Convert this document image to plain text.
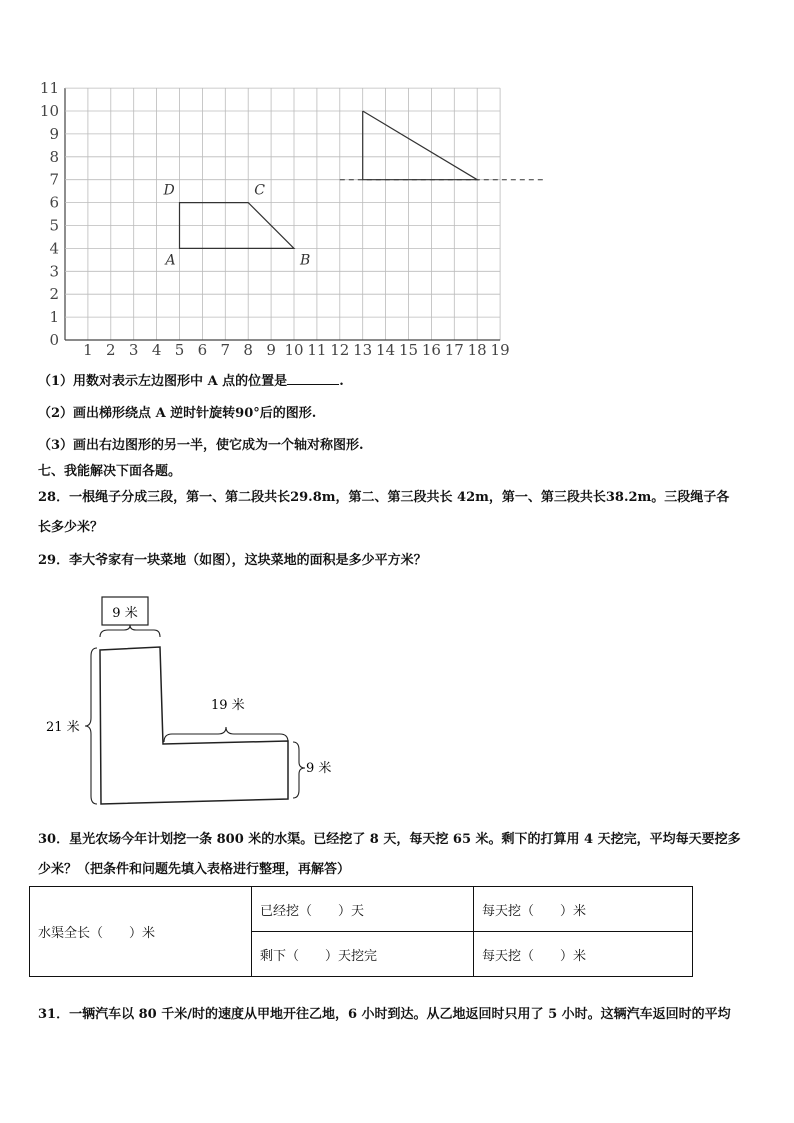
1 2 3 4 5 6 7 8 9 10 11 12 13 14 15 16 17 18 19
0
1
2
3
4
5
6
7
8
9
10
11
A	B
C
D
（1）用数对表示左边图形中 A 点的位置是	.
（2）画出梯形绕点 A 逆时针旋转90°后的图形.
（3）画出右边图形的另一半，使它成为一个轴对称图形.
七、我能解决下面各题。
28．一根绳子分成三段，第一、第二段共长29.8m，第二、第三段共长 42m，第一、第三段共长38.2m。三段绳子各
长多少米？
29．李大爷家有一块菜地（如图），这块菜地的面积是多少平方米？
9 米
21 米
19 米
9 米
30．星光农场今年计划挖一条 800 米的水渠。已经挖了 8 天，每天挖 65 米。剩下的打算用 4 天挖完，平均每天要挖多
少米？（把条件和问题先填入表格进行整理，再解答）
水渠全长（　　）米	已经挖（　　）天	每天挖（　　）米
	剩下（　　）天挖完	每天挖（　　）米
31．一辆汽车以 80 千米/时的速度从甲地开往乙地，6 小时到达。从乙地返回时只用了 5 小时。这辆汽车返回时的平均
